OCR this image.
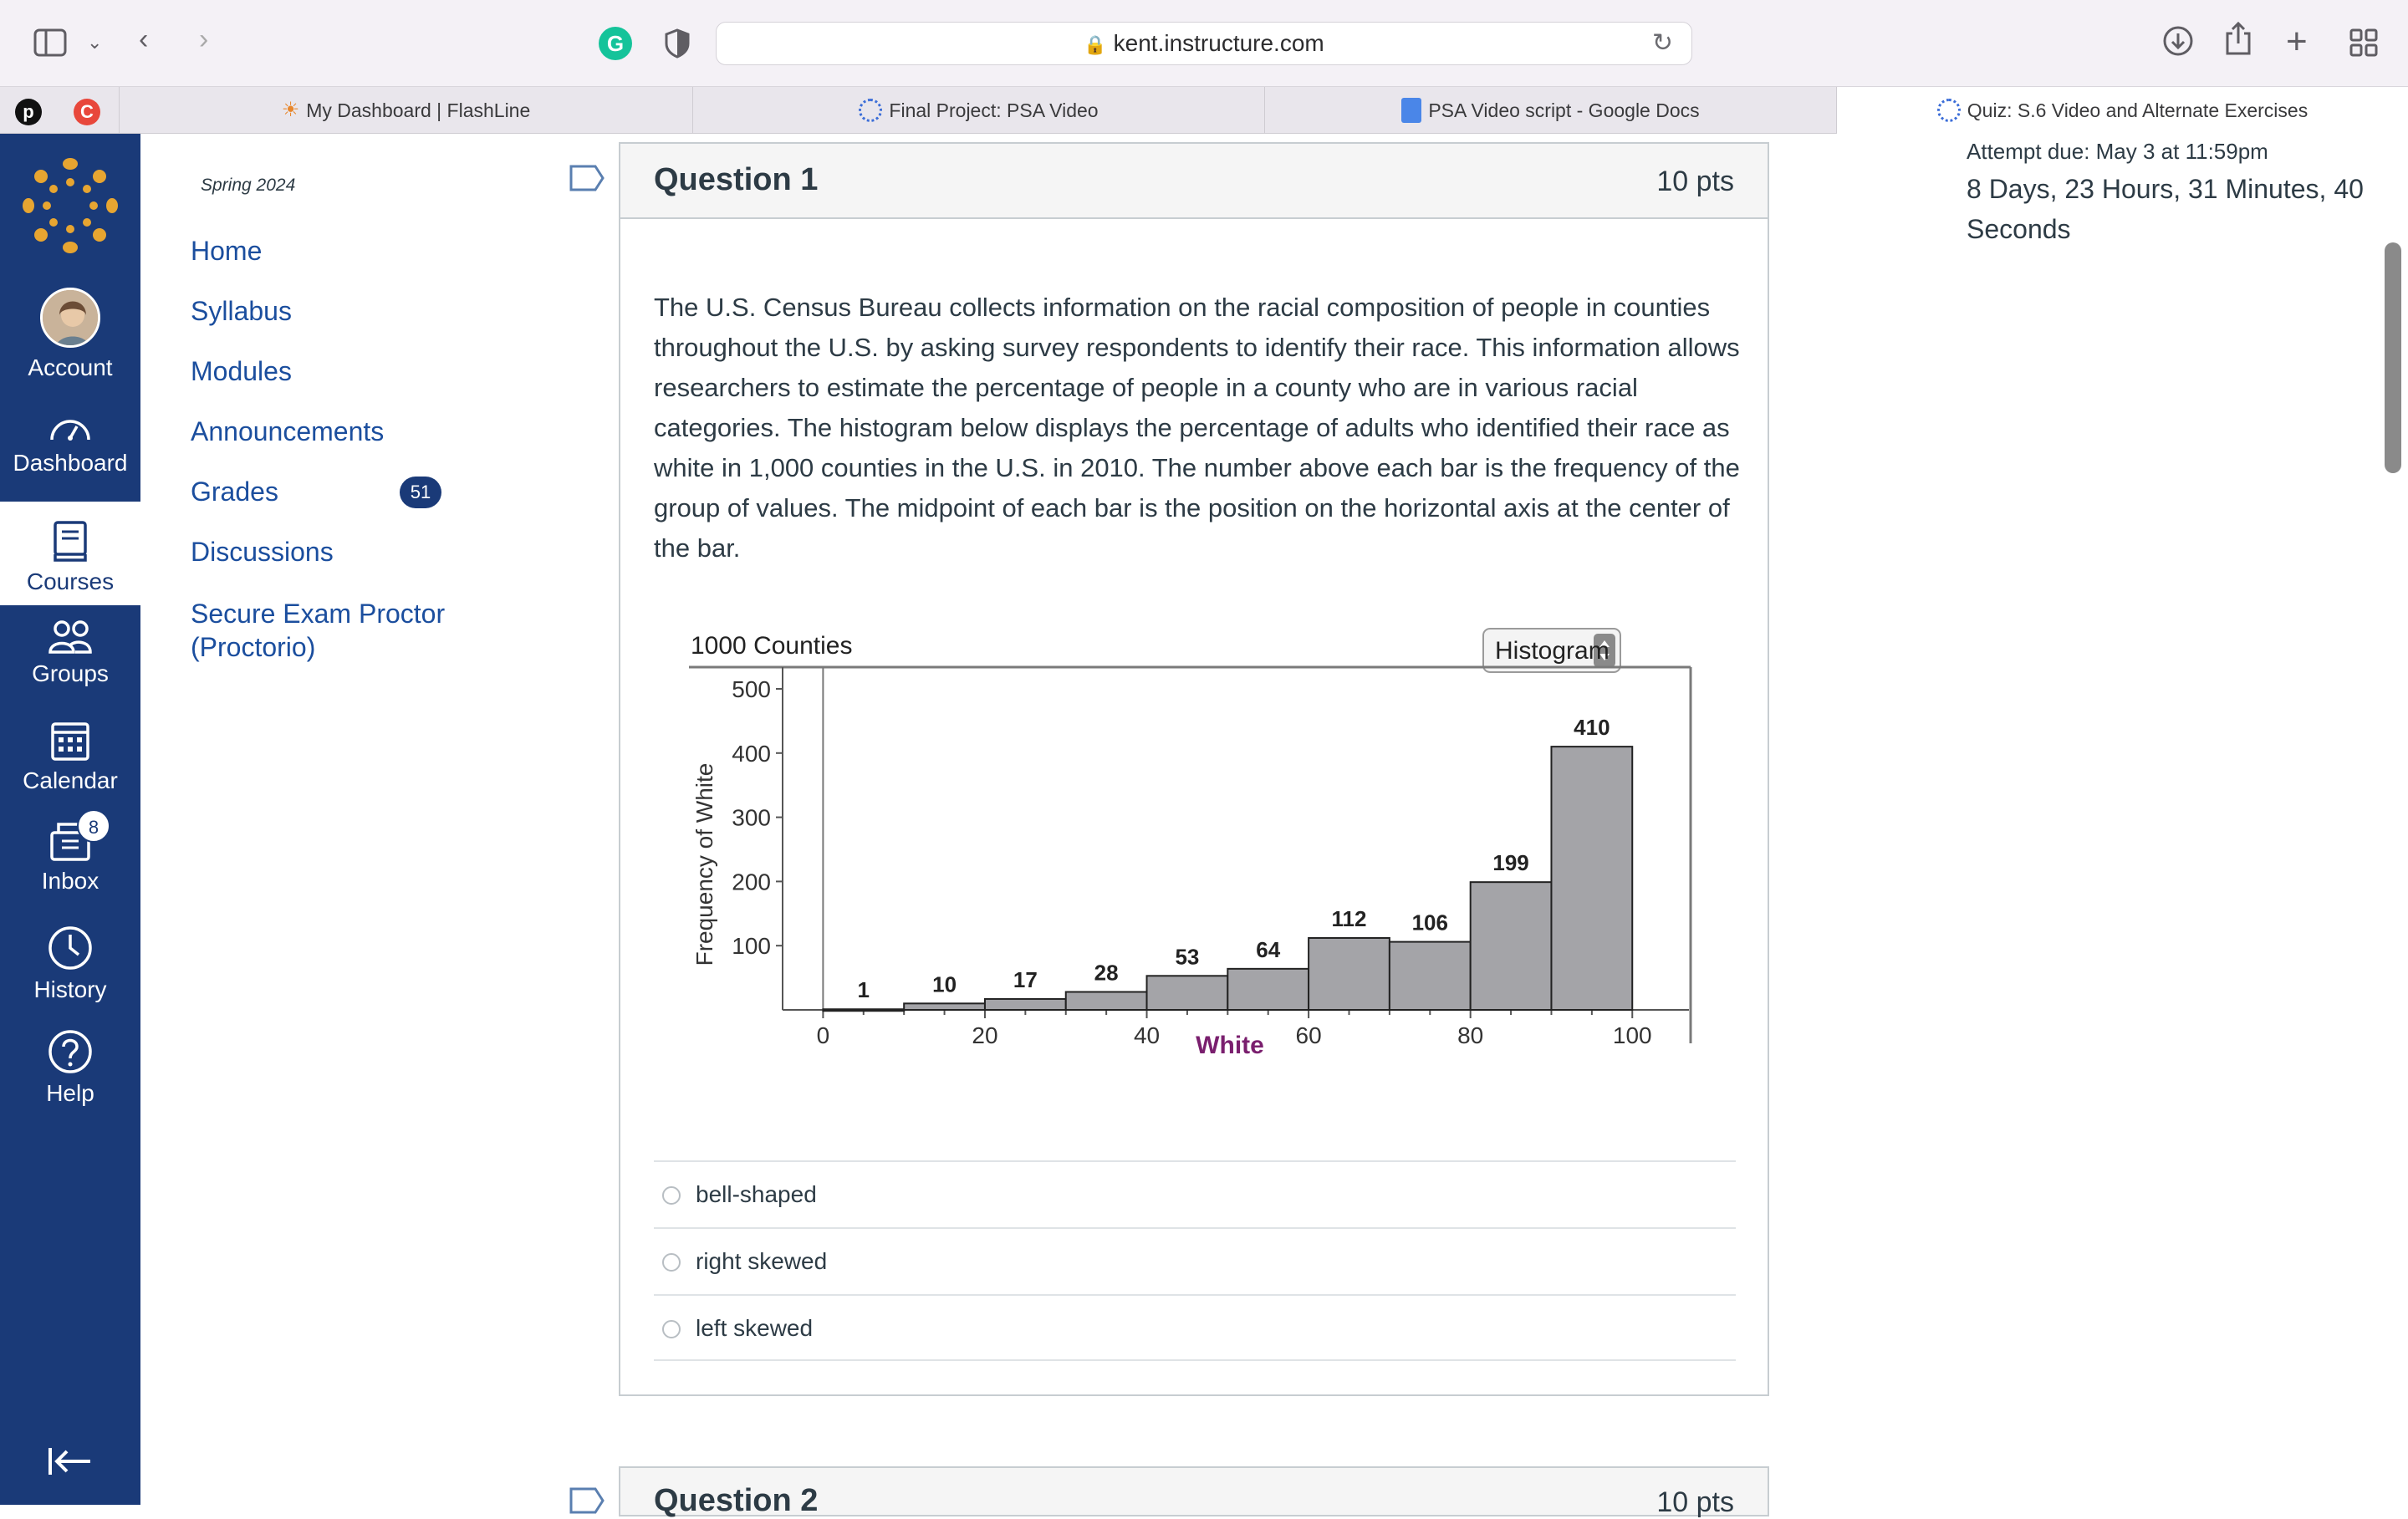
⌄ ‹ ›	G	🔒 kent.instructure.com	↻	+
p	C	☀ My Dashboard | FlashLine	Final Project: PSA Video	PSA Video script - Google Docs	Quiz: S.6 Video and Alternate Exercises
Account
Dashboard
Courses
Groups
Calendar
Inbox
8
History
Help
Spring 2024
Home
Syllabus
Modules
Announcements
Grades
Discussions
Secure Exam Proctor (Proctorio)
51
Question 1	10 pts
The U.S. Census Bureau collects information on the racial composition of people in counties throughout the U.S. by asking survey respondents to identify their race. This information allows researchers to estimate the percentage of people in a county who are in various racial categories. The histogram below displays the percentage of adults who identified their race as white in 1,000 counties in the U.S. in 2010. The number above each bar is the frequency of the group of values. The midpoint of each bar is the position on the horizontal axis at the center of the bar.
1000 Counties	Histogram
100
200
300
400
500
0	20	40	60	80	100
1	10	17	28
53	64
112 106
199
410
Frequency of White
White
bell-shaped
right skewed
left skewed
Question 2	10 pts
Attempt due: May 3 at 11:59pm
8 Days, 23 Hours, 31 Minutes, 40 Seconds
